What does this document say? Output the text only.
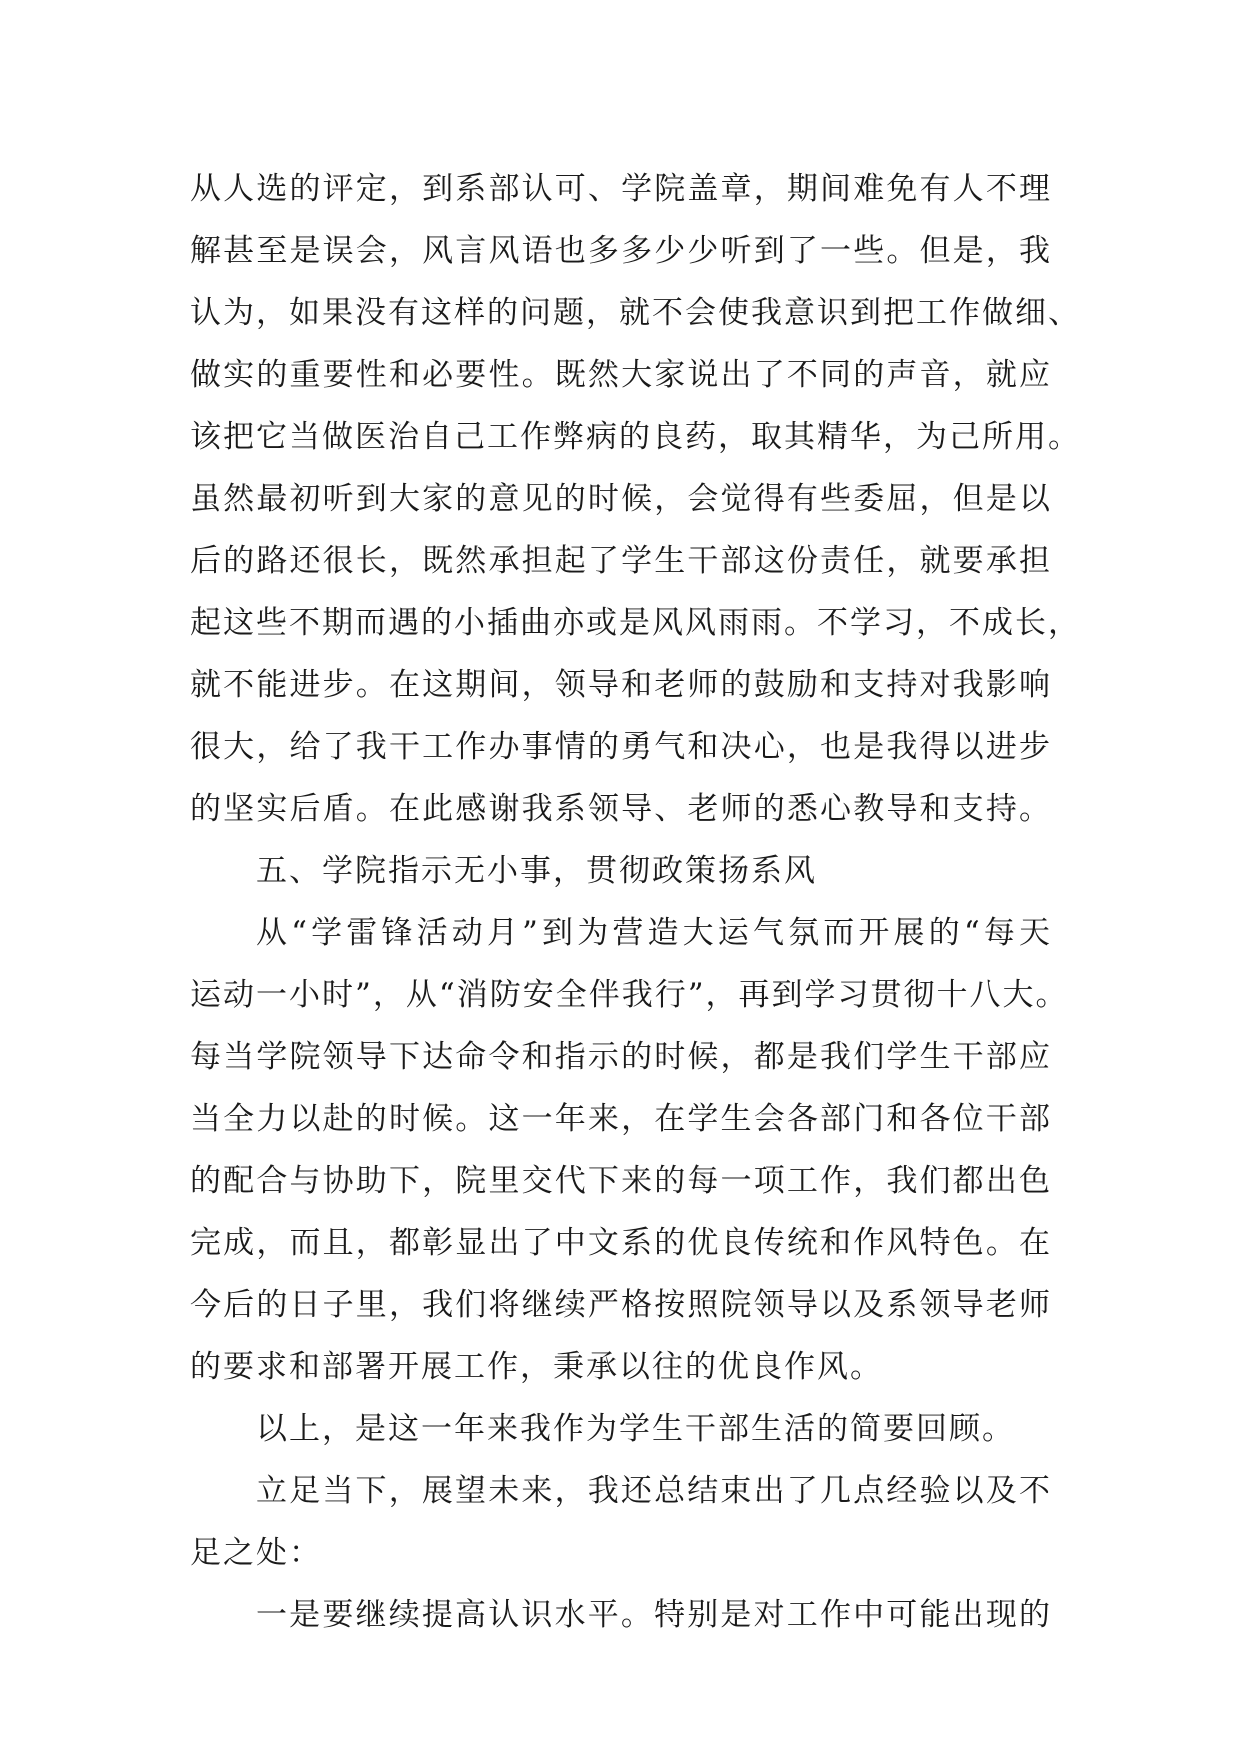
从人选的评定，到系部认可、学院盖章，期间难免有人不理
解甚至是误会，风言风语也多多少少听到了一些。但是，我
认为，如果没有这样的问题，就不会使我意识到把工作做细、
做实的重要性和必要性。既然大家说出了不同的声音，就应
该把它当做医治自己工作弊病的良药，取其精华，为己所用。
虽然最初听到大家的意见的时候，会觉得有些委屈，但是以
后的路还很长，既然承担起了学生干部这份责任，就要承担
起这些不期而遇的小插曲亦或是风风雨雨。不学习，不成长，
就不能进步。在这期间，领导和老师的鼓励和支持对我影响
很大，给了我干工作办事情的勇气和决心，也是我得以进步
的坚实后盾。在此感谢我系领导、老师的悉心教导和支持。
五、学院指示无小事，贯彻政策扬系风
从“学雷锋活动月”到为营造大运气氛而开展的“每天
运动一小时”，从“消防安全伴我行”，再到学习贯彻十八大。
每当学院领导下达命令和指示的时候，都是我们学生干部应
当全力以赴的时候。这一年来，在学生会各部门和各位干部
的配合与协助下，院里交代下来的每一项工作，我们都出色
完成，而且，都彰显出了中文系的优良传统和作风特色。在
今后的日子里，我们将继续严格按照院领导以及系领导老师
的要求和部署开展工作，秉承以往的优良作风。
以上，是这一年来我作为学生干部生活的简要回顾。
立足当下，展望未来，我还总结束出了几点经验以及不
足之处：
一是要继续提高认识水平。特别是对工作中可能出现的
